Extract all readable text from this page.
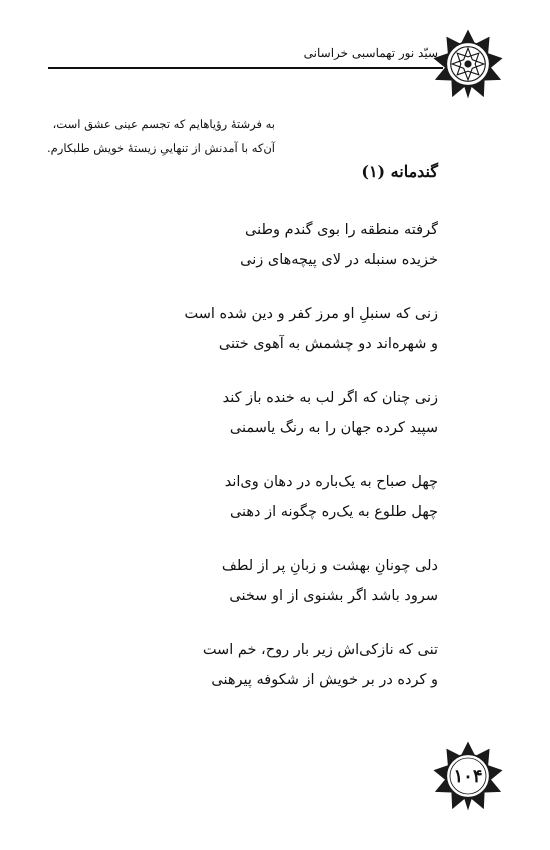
سیّد نور تهماسبی خراسانی
به فرشتهٔ رؤیاهایم که تجسم عینی عشق است،
آن‌که با آمدنش از تنهاییِ زیستهٔ خویش طلبکارم.
گندمانه (۱)
گرفته منطقه را بوی گندم وطنی
خزیده سنبله در لای پیچه‌های زنی
زنی که سنبلِ او مرز کفر و دین شده است
و شهره‌اند دو چشمش به آهوی ختنی
زنی چنان که اگر لب به خنده باز کند
سپید کرده جهان را به رنگ یاسمنی
چهل صباح به یک‌باره در دهان وی‌اند
چهل طلوع به یک‌ره چگونه از دهنی
دلی چونانِ بهشت و زبانِ پر از لطف
سرود باشد اگر بشنوی از او سخنی
تنی که نازکی‌اش زیر بار روح، خم است
و کرده در بر خویش از شکوفه پیرهنی
۱۰۴
